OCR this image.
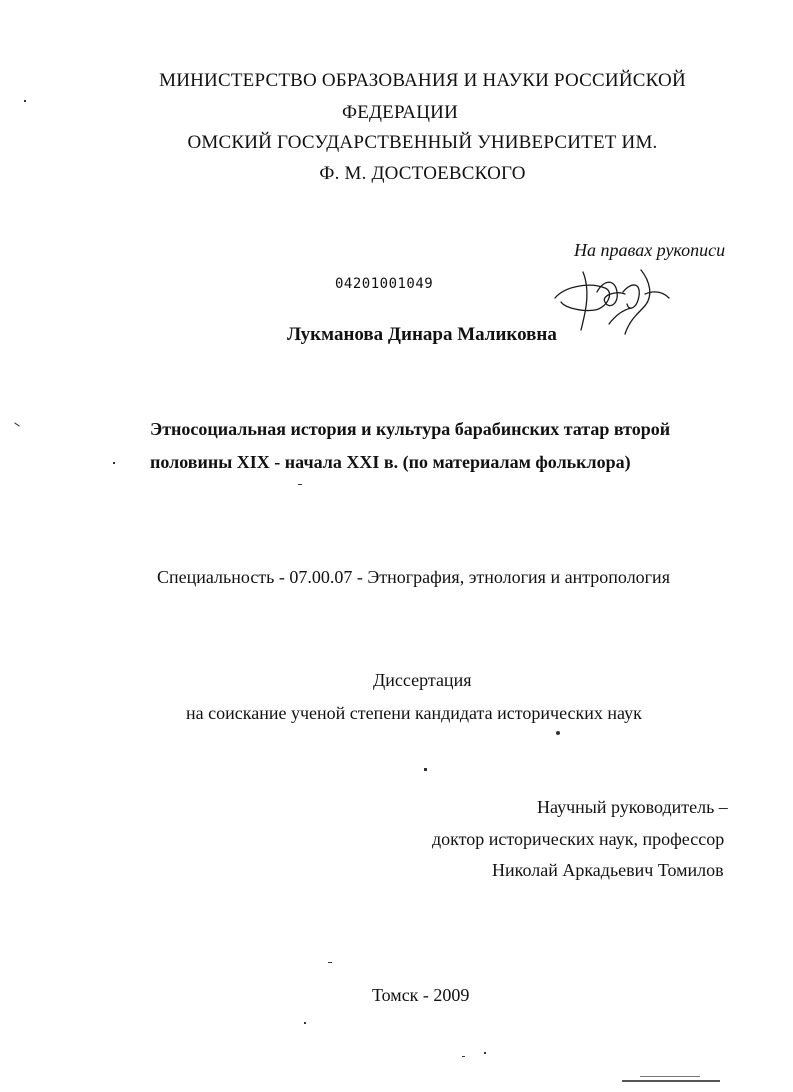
МИНИСТЕРСТВО ОБРАЗОВАНИЯ И НАУКИ РОССИЙСКОЙ
ФЕДЕРАЦИИ
ОМСКИЙ ГОСУДАРСТВЕННЫЙ УНИВЕРСИТЕТ ИМ.
Ф. М. ДОСТОЕВСКОГО
На правах рукописи
04201001049
Лукманова Динара Маликовна
Этносоциальная история и культура барабинских татар второй
половины XIX - начала XXI в. (по материалам фольклора)
Специальность - 07.00.07 - Этнография, этнология и антропология
Диссертация
на соискание ученой степени кандидата исторических наук
Научный руководитель –
доктор исторических наук, профессор
Николай Аркадьевич Томилов
Томск - 2009
